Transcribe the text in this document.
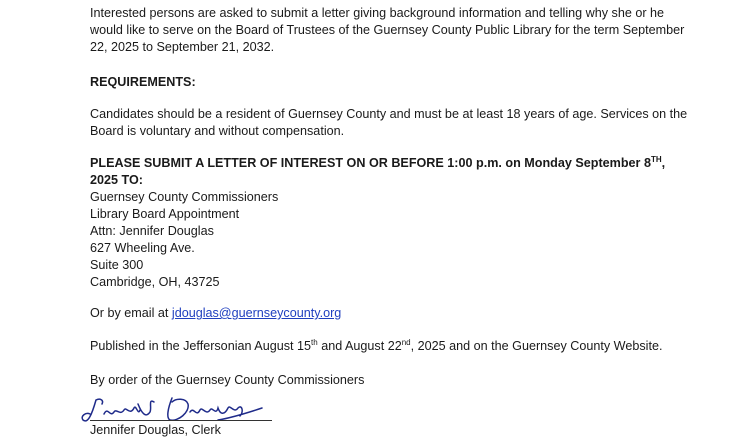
Interested persons are asked to submit a letter giving background information and telling why she or he would like to serve on the Board of Trustees of the Guernsey County Public Library for the term September 22, 2025 to September 21, 2032.

REQUIREMENTS:

Candidates should be a resident of Guernsey County and must be at least 18 years of age. Services on the Board is voluntary and without compensation.

PLEASE SUBMIT A LETTER OF INTEREST ON OR BEFORE 1:00 p.m. on Monday September 8TH, 2025 TO:

Guernsey County Commissioners
Library Board Appointment
Attn: Jennifer Douglas
627 Wheeling Ave.
Suite 300
Cambridge, OH, 43725

Or by email at jdouglas@guernseycounty.org

Published in the Jeffersonian August 15th and August 22nd, 2025 and on the Guernsey County Website.

By order of the Guernsey County Commissioners

Jennifer Douglas, Clerk
